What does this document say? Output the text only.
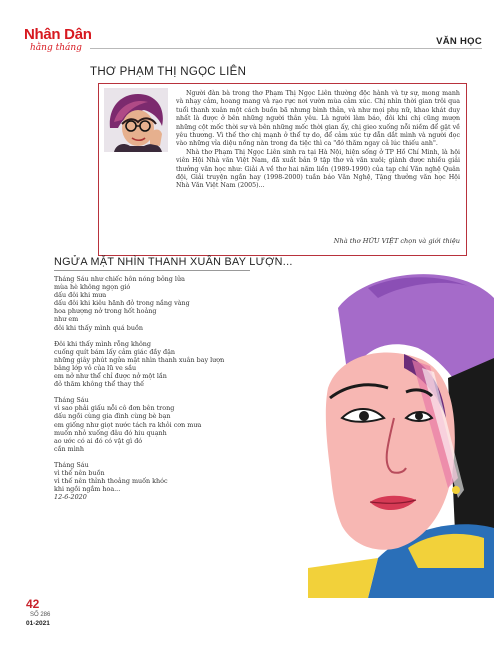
Nhân Dân
hằng tháng
VĂN HỌC
THƠ PHẠM THỊ NGỌC LIÊN

Người đàn bà trong thơ Phạm Thị Ngọc Liên thường độc hành và tự sự, mong manh và nhạy cảm, hoang mang và rạo rực nơi vườn mùa cảm xúc. Chị nhìn thời gian trôi qua tuổi thanh xuân một cách buồn bã nhưng bình thản, và như mọi phụ nữ, khao khát duy nhất là được ở bên những người thân yêu. Là người làm báo, đôi khi chị cũng mượn những cột mốc thời sự và bên những mốc thời gian ấy, chị gieo xuống nỗi niềm để gặt về yêu thương. Vì thế thơ chị mạnh ở thể tự do, để cảm xúc tự dẫn dắt mình và người đọc vào những vỉa diệu nồng nàn trong đa tiệc thì ca "đó thăm ngay cả lúc thiếu anh".

Nhà thơ Phạm Thị Ngọc Liên sinh ra tại Hà Nội, hiện sống ở TP Hồ Chí Minh, là hội viên Hội Nhà văn Việt Nam, đã xuất bản 9 tập thơ và văn xuôi; giành được nhiều giải thưởng văn học như: Giải A về thơ hai năm liền (1989-1990) của tạp chí Văn nghệ Quân đội, Giải truyện ngắn hay (1998-2000) tuần báo Văn Nghệ, Tặng thưởng văn học Hội Nhà Văn Việt Nam (2005)...

Nhà thơ HỮU VIỆT chọn và giới thiệu
NGỬA MẶT NHÌN THANH XUÂN BAY LƯỢN...
Tháng Sáu như chiếc hôn nóng bỏng lửa
mùa hè không ngọn gió
dấu đôi khi mưa
dấu đôi khi kiêu hãnh đỏ trong nắng vàng
hoa phượng nở trong hốt hoảng
như em
đôi khi thấy mình quá buồn
Đôi khi thấy mình rỗng không
cuống quít bám lấy cảm giác đầy đặn
những giây phút ngửa mặt nhìn thanh xuân bay lượn
bâng lớp vỏ của lũ ve sầu
em nở như thể chỉ được nở một lần
đỏ thăm không thể thay thế
Tháng Sáu
vì sao phải giấu nỗi cô đơn bên trong
dấu ngồi cùng gia đình cùng bè bạn
em giống như giọt nước tách ra khỏi cơn mưa
muốn nhỏ xuống đâu đó hiu quạnh
ao ước có ai đó có vật gì đó
cần mình
Tháng Sáu
vì thế nên buồn
vì thế nên thỉnh thoảng muốn khóc
khi ngồi ngắm hoa...
12-6-2020
42
SỐ 286
01-2021
